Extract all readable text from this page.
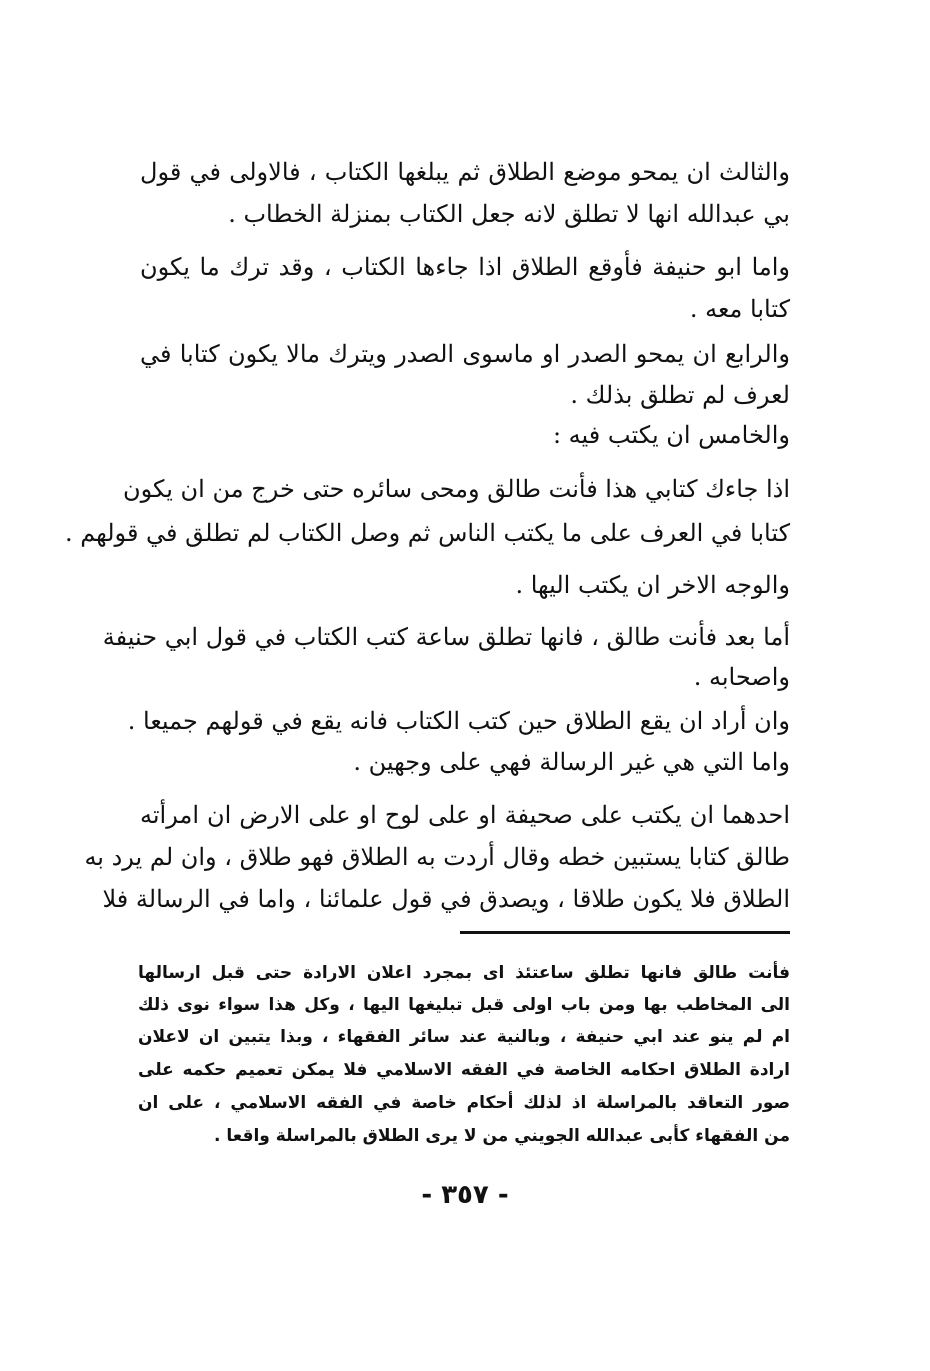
والثالث ان يمحو موضع الطلاق ثم يبلغها الكتاب ، فالاولى في قول
بي عبدالله انها لا تطلق لانه جعل الكتاب بمنزلة الخطاب .
واما ابو حنيفة فأوقع الطلاق اذا جاءها الكتاب ، وقد ترك ما يكون
كتابا معه .
والرابع ان يمحو الصدر او ماسوى الصدر ويترك مالا يكون كتابا في
لعرف لم تطلق بذلك .
والخامس ان يكتب فيه :
اذا جاءك كتابي هذا فأنت طالق ومحى سائره حتى خرج من ان يكون
كتابا في العرف على ما يكتب الناس ثم وصل الكتاب لم تطلق في قولهم .
والوجه الاخر ان يكتب اليها .
أما بعد فأنت طالق ، فانها تطلق ساعة كتب الكتاب في قول ابي حنيفة
واصحابه .
وان أراد ان يقع الطلاق حين كتب الكتاب فانه يقع في قولهم جميعا .
واما التي هي غير الرسالة فهي على وجهين .
احدهما ان يكتب على صحيفة او على لوح او على الارض ان امرأته
طالق كتابا يستبين خطه وقال أردت به الطلاق فهو طلاق ، وان لم يرد به
الطلاق فلا يكون طلاقا ، ويصدق في قول علمائنا ، واما في الرسالة فلا
فأنت طالق فانها تطلق ساعتئذ اى بمجرد اعلان الارادة حتى قبل ارسالها
الى المخاطب بها ومن باب اولى قبل تبليغها اليها ، وكل هذا سواء نوى ذلك
ام لم ينو عند ابي حنيفة ، وبالنية عند سائر الفقهاء ، وبذا يتبين ان لاعلان
ارادة الطلاق احكامه الخاصة في الفقه الاسلامي فلا يمكن تعميم حكمه على
صور التعاقد بالمراسلة اذ لذلك أحكام خاصة في الفقه الاسلامي ، على ان
من الفقهاء كأبى عبدالله الجويني من لا يرى الطلاق بالمراسلة واقعا .
- ٣٥٧ -
